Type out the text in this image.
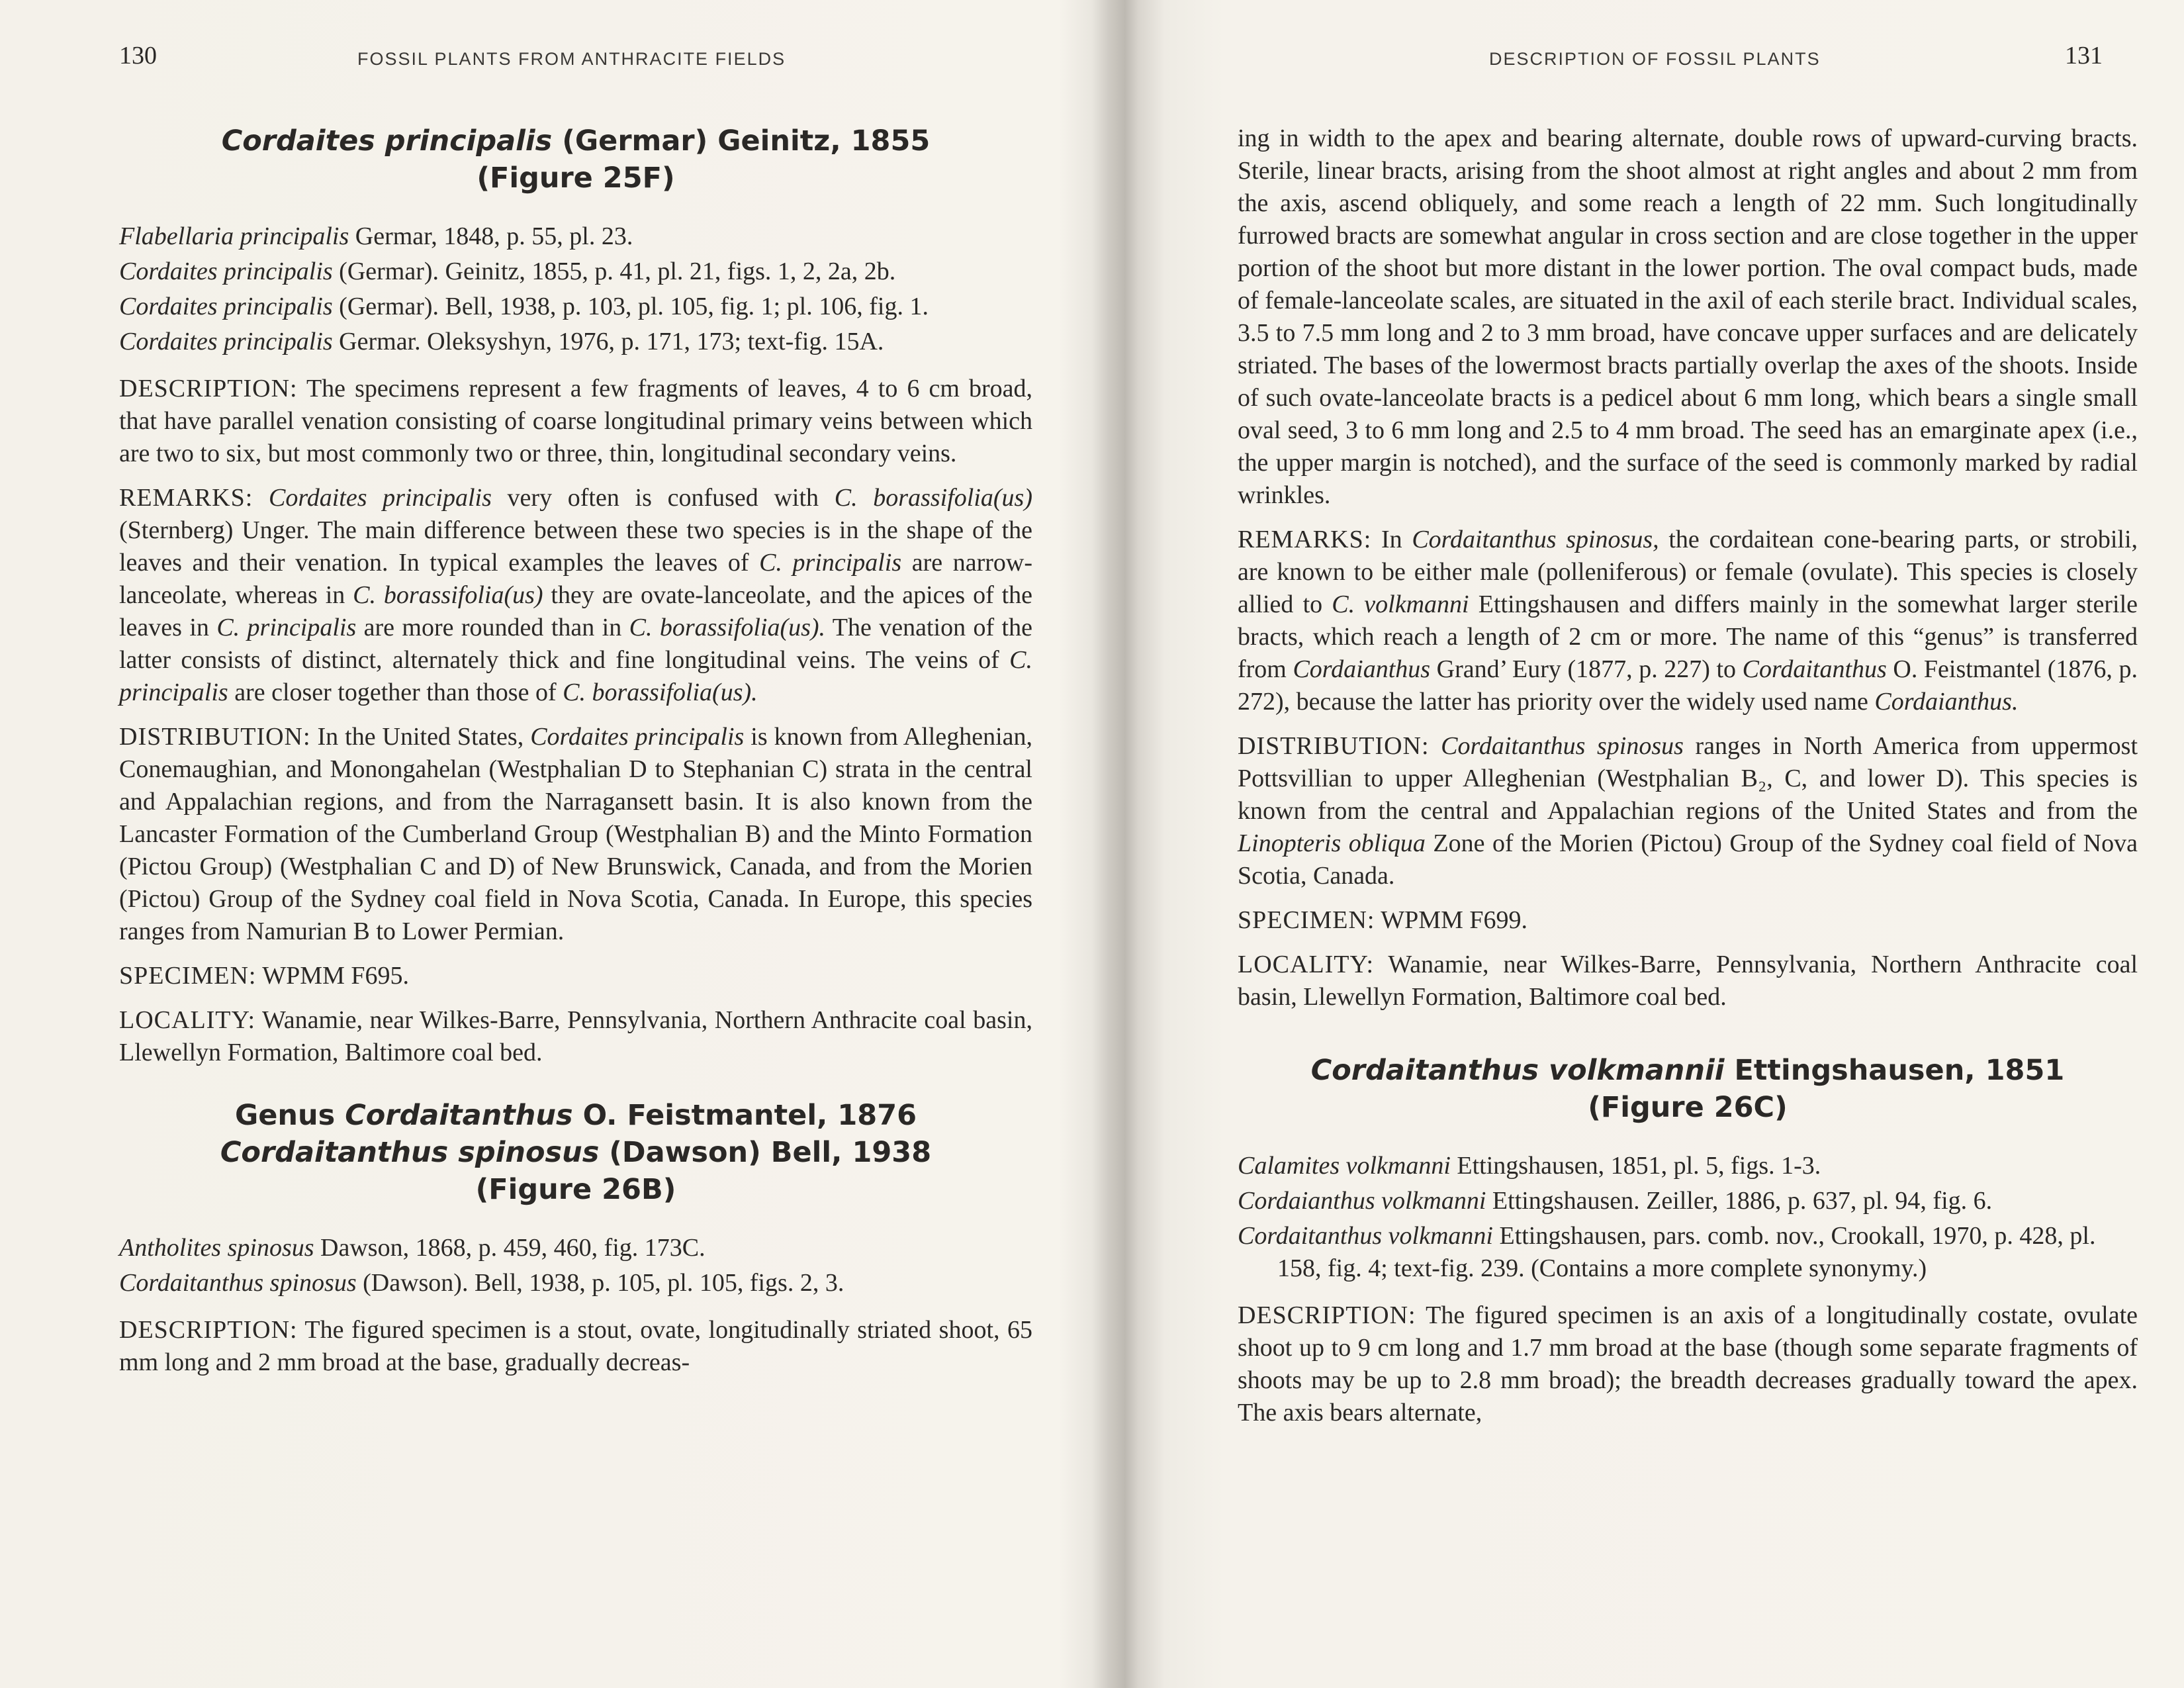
130	FOSSIL PLANTS FROM ANTHRACITE FIELDS
Cordaites principalis (Germar) Geinitz, 1855
(Figure 25F)

Flabellaria principalis Germar, 1848, p. 55, pl. 23.

Cordaites principalis (Germar). Geinitz, 1855, p. 41, pl. 21, figs. 1, 2, 2a, 2b.

Cordaites principalis (Germar). Bell, 1938, p. 103, pl. 105, fig. 1; pl. 106, fig. 1.

Cordaites principalis Germar. Oleksyshyn, 1976, p. 171, 173; text-fig. 15A.

DESCRIPTION: The specimens represent a few fragments of leaves, 4 to 6 cm broad, that have parallel venation consisting of coarse longitudinal primary veins between which are two to six, but most commonly two or three, thin, longitudinal secondary veins.

REMARKS: Cordaites principalis very often is confused with C. borassifolia(us) (Sternberg) Unger. The main difference between these two species is in the shape of the leaves and their venation. In typical examples the leaves of C. principalis are narrow-lanceolate, whereas in C. borassifolia(us) they are ovate-lanceolate, and the apices of the leaves in C. principalis are more rounded than in C. borassifolia(us). The venation of the latter consists of distinct, alternately thick and fine longitudinal veins. The veins of C. principalis are closer together than those of C. borassifolia(us).

DISTRIBUTION: In the United States, Cordaites principalis is known from Alleghenian, Conemaughian, and Monongahelan (Westphalian D to Stephanian C) strata in the central and Appalachian regions, and from the Narragansett basin. It is also known from the Lancaster Formation of the Cumberland Group (Westphalian B) and the Minto Formation (Pictou Group) (Westphalian C and D) of New Brunswick, Canada, and from the Morien (Pictou) Group of the Sydney coal field in Nova Scotia, Canada. In Europe, this species ranges from Namurian B to Lower Permian.

SPECIMEN: WPMM F695.

LOCALITY: Wanamie, near Wilkes-Barre, Pennsylvania, Northern Anthracite coal basin, Llewellyn Formation, Baltimore coal bed.

Genus Cordaitanthus O. Feistmantel, 1876
Cordaitanthus spinosus (Dawson) Bell, 1938
(Figure 26B)

Antholites spinosus Dawson, 1868, p. 459, 460, fig. 173C.

Cordaitanthus spinosus (Dawson). Bell, 1938, p. 105, pl. 105, figs. 2, 3.

DESCRIPTION: The figured specimen is a stout, ovate, longitudinally striated shoot, 65 mm long and 2 mm broad at the base, gradually decreas-

DESCRIPTION OF FOSSIL PLANTS	131

ing in width to the apex and bearing alternate, double rows of upward-curving bracts. Sterile, linear bracts, arising from the shoot almost at right angles and about 2 mm from the axis, ascend obliquely, and some reach a length of 22 mm. Such longitudinally furrowed bracts are somewhat angular in cross section and are close together in the upper portion of the shoot but more distant in the lower portion. The oval compact buds, made of female-lanceolate scales, are situated in the axil of each sterile bract. Individual scales, 3.5 to 7.5 mm long and 2 to 3 mm broad, have concave upper surfaces and are delicately striated. The bases of the lowermost bracts partially overlap the axes of the shoots. Inside of such ovate-lanceolate bracts is a pedicel about 6 mm long, which bears a single small oval seed, 3 to 6 mm long and 2.5 to 4 mm broad. The seed has an emarginate apex (i.e., the upper margin is notched), and the surface of the seed is commonly marked by radial wrinkles.

REMARKS: In Cordaitanthus spinosus, the cordaitean cone-bearing parts, or strobili, are known to be either male (polleniferous) or female (ovulate). This species is closely allied to C. volkmanni Ettingshausen and differs mainly in the somewhat larger sterile bracts, which reach a length of 2 cm or more. The name of this “genus” is transferred from Cordaianthus Grand’ Eury (1877, p. 227) to Cordaitanthus O. Feistmantel (1876, p. 272), because the latter has priority over the widely used name Cordaianthus.

DISTRIBUTION: Cordaitanthus spinosus ranges in North America from uppermost Pottsvillian to upper Alleghenian (Westphalian B₂, C, and lower D). This species is known from the central and Appalachian regions of the United States and from the Linopteris obliqua Zone of the Morien (Pictou) Group of the Sydney coal field of Nova Scotia, Canada.

SPECIMEN: WPMM F699.

LOCALITY: Wanamie, near Wilkes-Barre, Pennsylvania, Northern Anthracite coal basin, Llewellyn Formation, Baltimore coal bed.

Cordaitanthus volkmannii Ettingshausen, 1851
(Figure 26C)

Calamites volkmanni Ettingshausen, 1851, pl. 5, figs. 1-3.

Cordaianthus volkmanni Ettingshausen. Zeiller, 1886, p. 637, pl. 94, fig. 6.

Cordaitanthus volkmanni Ettingshausen, pars. comb. nov., Crookall, 1970, p. 428, pl. 158, fig. 4; text-fig. 239. (Contains a more complete synonymy.)

DESCRIPTION: The figured specimen is an axis of a longitudinally costate, ovulate shoot up to 9 cm long and 1.7 mm broad at the base (though some separate fragments of shoots may be up to 2.8 mm broad); the breadth decreases gradually toward the apex. The axis bears alternate,
